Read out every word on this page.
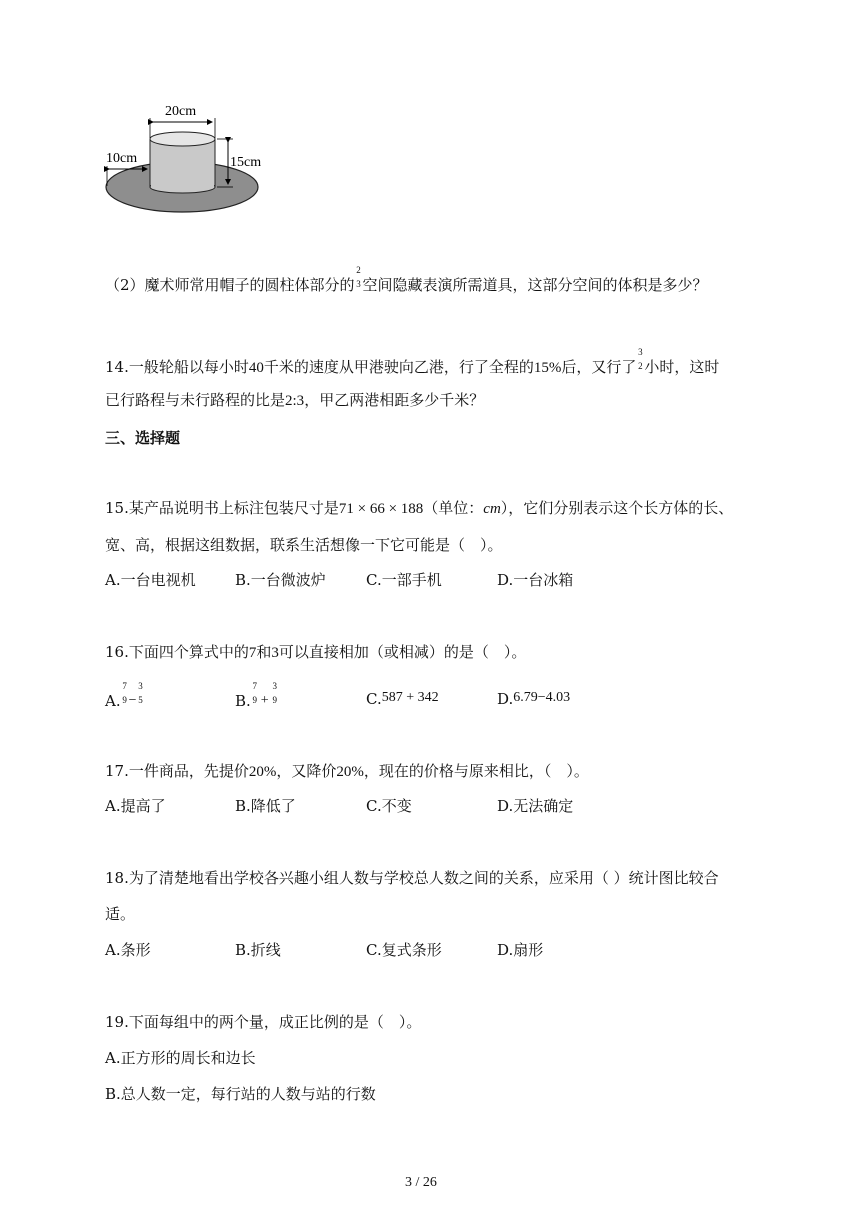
20cm
10cm	15cm
（2）魔术师常用帽子的圆柱体部分的
2
3 空间隐藏表演所需道具，这部分空间的体积是多少？
14.一般轮船以每小时40千米的速度从甲港驶向乙港，行了全程的15%后，又行了
3
2 小时，这时
已行路程与未行路程的比是2:3，甲乙两港相距多少千米？
三、选择题
15.某产品说明书上标注包装尺寸是71 × 66 × 188（单位：cm），它们分别表示这个长方体的长、
宽、高，根据这组数据，联系生活想像一下它可能是（　）。
A.一台电视机	B.一台微波炉	C.一部手机	D.一台冰箱
16.下面四个算式中的7和3可以直接相加（或相减）的是（　）。
A.
7
9 −
3
5	B.
7
9 +
3
9	C.587 + 342	D.6.79−4.03
17.一件商品，先提价20%，又降价20%，现在的价格与原来相比，（　）。
A.提高了	B.降低了	C.不变	D.无法确定
18.为了清楚地看出学校各兴趣小组人数与学校总人数之间的关系，应采用（ ）统计图比较合
适。
A.条形	B.折线	C.复式条形	D.扇形
19.下面每组中的两个量，成正比例的是（　）。
A.正方形的周长和边长
B.总人数一定，每行站的人数与站的行数
3 / 26
